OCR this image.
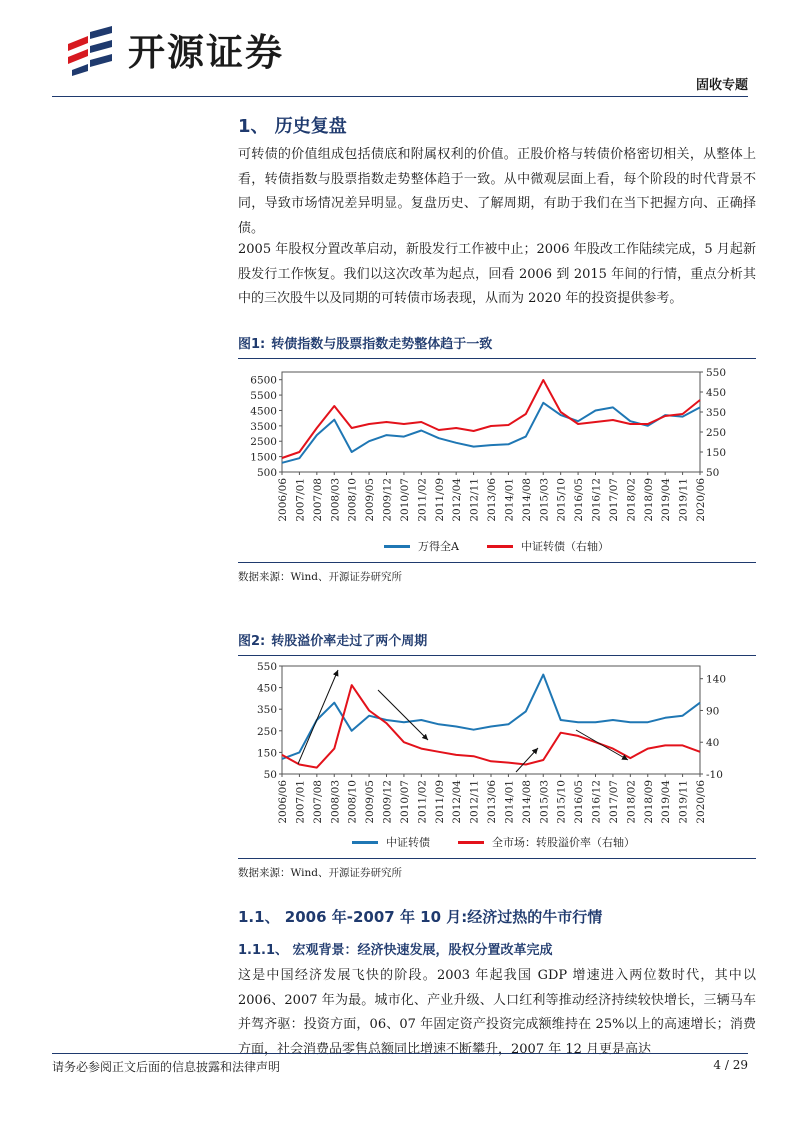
开源证券
固收专题
1、 历史复盘
可转债的价值组成包括债底和附属权利的价值。正股价格与转债价格密切相关，从整体上看，转债指数与股票指数走势整体趋于一致。从中微观层面上看，每个阶段的时代背景不同，导致市场情况差异明显。复盘历史、了解周期，有助于我们在当下把握方向、正确择债。
2005 年股权分置改革启动，新股发行工作被中止；2006 年股改工作陆续完成，5 月起新股发行工作恢复。我们以这次改革为起点，回看 2006 到 2015 年间的行情，重点分析其中的三次股牛以及同期的可转债市场表现，从而为 2020 年的投资提供参考。
图1: 转债指数与股票指数走势整体趋于一致
500
1500
2500
3500
4500
5500
6500
50
150
250
350
450
550
2006/06 2007/01 2007/08 2008/03 2008/10 2009/05 2009/12 2010/07 2011/02 2011/09 2012/04 2012/11 2013/06 2014/01 2014/08 2015/03 2015/10 2016/05 2016/12 2017/07 2018/02 2018/09 2019/04 2019/11 2020/06
万得全A	中证转债（右轴）
数据来源：Wind、开源证券研究所
图2: 转股溢价率走过了两个周期
50
150
250
350
450
550
-10
40
90
140
2006/06 2007/01 2007/08 2008/03 2008/10 2009/05 2009/12 2010/07 2011/02 2011/09 2012/04 2012/11 2013/06 2014/01 2014/08 2015/03 2015/10 2016/05 2016/12 2017/07 2018/02 2018/09 2019/04 2019/11 2020/06
中证转债	全市场：转股溢价率（右轴）
数据来源：Wind、开源证券研究所
1.1、 2006 年-2007 年 10 月:经济过热的牛市行情
1.1.1、 宏观背景：经济快速发展，股权分置改革完成
这是中国经济发展飞快的阶段。2003 年起我国 GDP 增速进入两位数时代，其中以 2006、2007 年为最。城市化、产业升级、人口红利等推动经济持续较快增长，三辆马车并驾齐驱：投资方面，06、07 年固定资产投资完成额维持在 25%以上的高速增长；消费方面，社会消费品零售总额同比增速不断攀升，2007 年 12 月更是高达
请务必参阅正文后面的信息披露和法律声明	4 / 29
